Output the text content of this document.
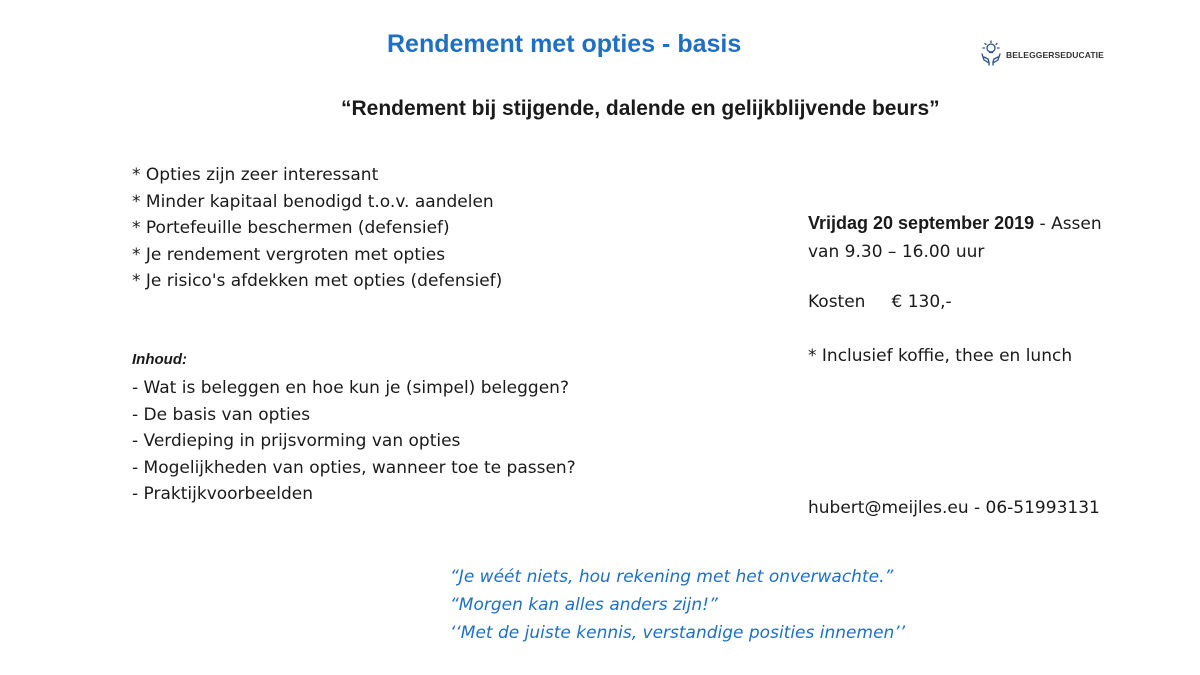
Rendement met opties - basis	BELEGGERSEDUCATIE
“Rendement bij stijgende, dalende en gelijkblijvende beurs”
* Opties zijn zeer interessant
* Minder kapitaal benodigd t.o.v. aandelen
* Portefeuille beschermen (defensief)
* Je rendement vergroten met opties
* Je risico's afdekken met opties (defensief)
Inhoud:
- Wat is beleggen en hoe kun je (simpel) beleggen?
- De basis van opties
- Verdieping in prijsvorming van opties
- Mogelijkheden van opties, wanneer toe te passen?
- Praktijkvoorbeelden
Vrijdag 20 september 2019 - Assen
van 9.30 – 16.00 uur
Kosten € 130,-
* Inclusief koffie, thee en lunch
hubert@meijles.eu - 06-51993131
“Je wéét niets, hou rekening met het onverwachte.”
“Morgen kan alles anders zijn!”
‘‘Met de juiste kennis, verstandige posities innemen’’
